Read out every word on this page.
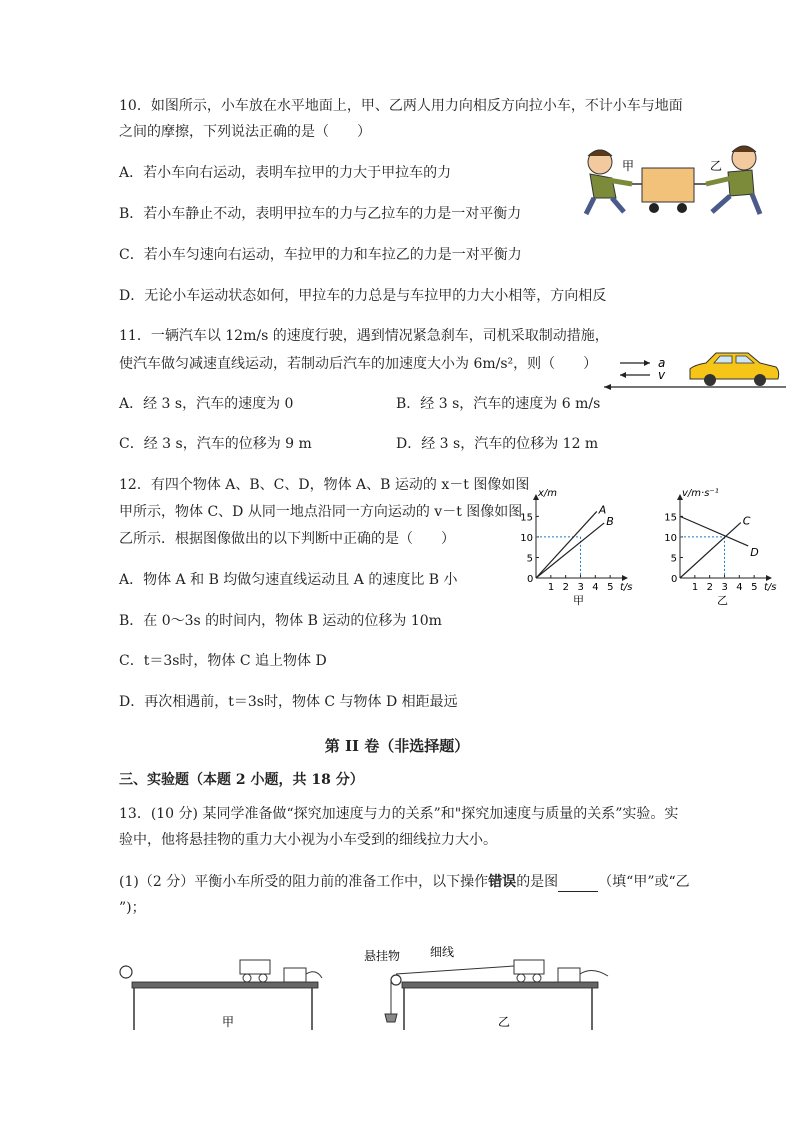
10．如图所示，小车放在水平地面上，甲、乙两人用力向相反方向拉小车，不计小车与地面
之间的摩擦，下列说法正确的是（　　）
A．若小车向右运动，表明车拉甲的力大于甲拉车的力
B．若小车静止不动，表明甲拉车的力与乙拉车的力是一对平衡力
C．若小车匀速向右运动，车拉甲的力和车拉乙的力是一对平衡力
D．无论小车运动状态如何，甲拉车的力总是与车拉甲的力大小相等，方向相反
甲	乙
11．一辆汽车以 12m/s 的速度行驶，遇到情况紧急刹车，司机采取制动措施，
使汽车做匀减速直线运动，若制动后汽车的加速度大小为 6m/s²，则（　　）
A．经 3 s，汽车的速度为 0	B．经 3 s，汽车的速度为 6 m/s
C．经 3 s，汽车的位移为 9 m	D．经 3 s，汽车的位移为 12 m
a
v
12．有四个物体 A、B、C、D，物体 A、B 运动的 x－t 图像如图
甲所示，物体 C、D 从同一地点沿同一方向运动的 v－t 图像如图
乙所示．根据图像做出的以下判断中正确的是（　　）
A．物体 A 和 B 均做匀速直线运动且 A 的速度比 B 小
B．在 0～3s 的时间内，物体 B 运动的位移为 10m
C．t＝3s时，物体 C 追上物体 D
D．再次相遇前，t＝3s时，物体 C 与物体 D 相距最远
x/m
t/s
0
1 2 3 4 5
5
10
15
A
B
甲
v/m·s⁻¹
t/s
0
1 2 3 4 5
5
10
15	C
D
乙
第 II 卷（非选择题）
三、实验题（本题 2 小题，共 18 分）
13．(10 分) 某同学准备做“探究加速度与力的关系”和"探究加速度与质量的关系”实验。实
验中，他将悬挂物的重力大小视为小车受到的细线拉力大小。
(1)（2 分）平衡小车所受的阻力前的准备工作中，以下操作错误的是图	（填“甲”或“乙
”)；
甲
悬挂物 细线
乙
